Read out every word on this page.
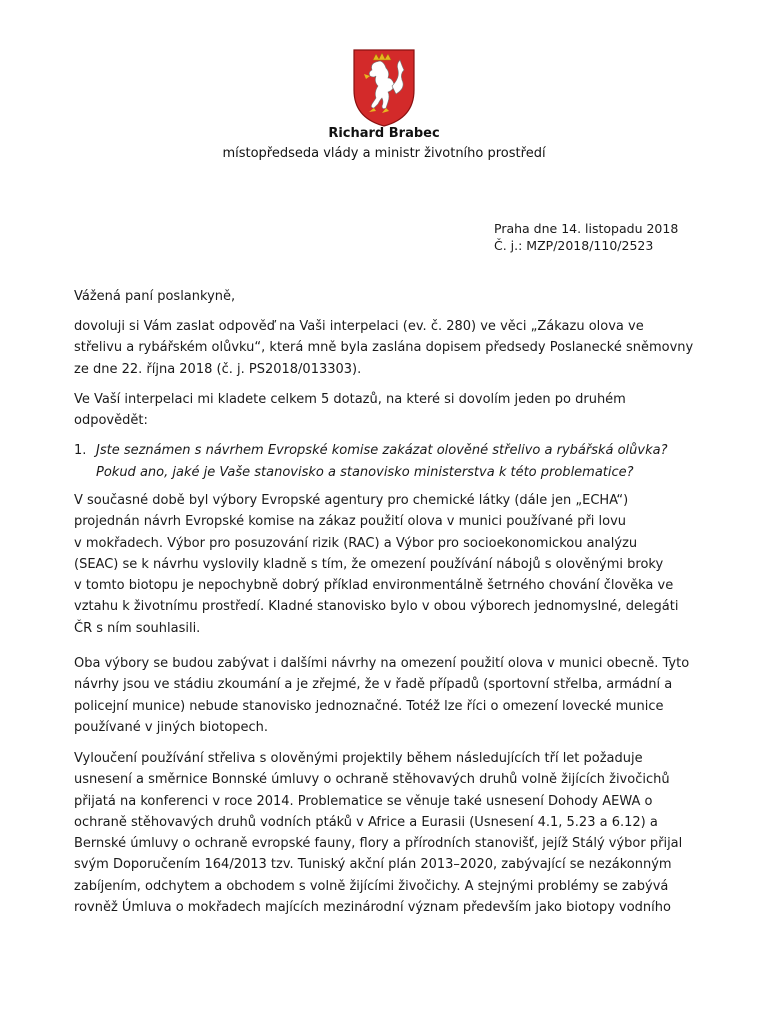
Richard Brabec
místopředseda vlády a ministr životního prostředí
Praha dne 14. listopadu 2018
Č. j.: MZP/2018/110/2523
Vážená paní poslankyně,
dovoluji si Vám zaslat odpověď na Vaši interpelaci (ev. č. 280) ve věci „Zákazu olova ve
střelivu a rybářském olůvku“, která mně byla zaslána dopisem předsedy Poslanecké sněmovny
ze dne 22. října 2018 (č. j. PS2018/013303).
Ve Vaší interpelaci mi kladete celkem 5 dotazů, na které si dovolím jeden po druhém
odpovědět:
1. Jste seznámen s návrhem Evropské komise zakázat olověné střelivo a rybářská olůvka?
Pokud ano, jaké je Vaše stanovisko a stanovisko ministerstva k této problematice?
V současné době byl výbory Evropské agentury pro chemické látky (dále jen „ECHA“)
projednán návrh Evropské komise na zákaz použití olova v munici používané při lovu
v mokřadech. Výbor pro posuzování rizik (RAC) a Výbor pro socioekonomickou analýzu
(SEAC) se k návrhu vyslovily kladně s tím, že omezení používání nábojů s olověnými broky
v tomto biotopu je nepochybně dobrý příklad environmentálně šetrného chování člověka ve
vztahu k životnímu prostředí. Kladné stanovisko bylo v obou výborech jednomyslné, delegáti
ČR s ním souhlasili.
Oba výbory se budou zabývat i dalšími návrhy na omezení použití olova v munici obecně. Tyto
návrhy jsou ve stádiu zkoumání a je zřejmé, že v řadě případů (sportovní střelba, armádní a
policejní munice) nebude stanovisko jednoznačné. Totéž lze říci o omezení lovecké munice
používané v jiných biotopech.
Vyloučení používání střeliva s olověnými projektily během následujících tří let požaduje
usnesení a směrnice Bonnské úmluvy o ochraně stěhovavých druhů volně žijících živočichů
přijatá na konferenci v roce 2014. Problematice se věnuje také usnesení Dohody AEWA o
ochraně stěhovavých druhů vodních ptáků v Africe a Eurasii (Usnesení 4.1, 5.23 a 6.12) a
Bernské úmluvy o ochraně evropské fauny, flory a přírodních stanovišť, jejíž Stálý výbor přijal
svým Doporučením 164/2013 tzv. Tuniský akční plán 2013–2020, zabývající se nezákonným
zabíjením, odchytem a obchodem s volně žijícími živočichy. A stejnými problémy se zabývá
rovněž Úmluva o mokřadech majících mezinárodní význam především jako biotopy vodního
